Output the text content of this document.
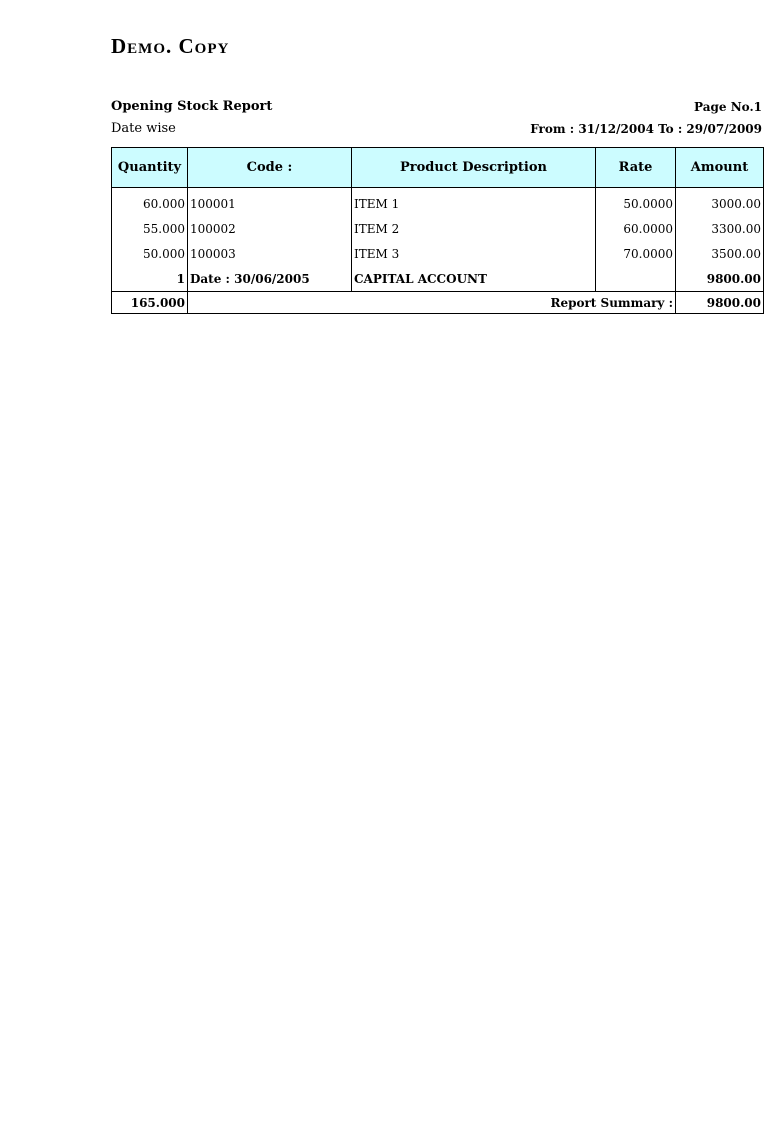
Demo. Copy
Opening Stock Report
Date wise
Page No.1
From : 31/12/2004 To : 29/07/2009
Quantity	Code :	Product Description	Rate	Amount
60.000	100001	ITEM 1	50.0000	3000.00
55.000	100002	ITEM 2	60.0000	3300.00
50.000	100003	ITEM 3	70.0000	3500.00
1	Date : 30/06/2005	CAPITAL ACCOUNT		9800.00
165.000	Report Summary :	9800.00
